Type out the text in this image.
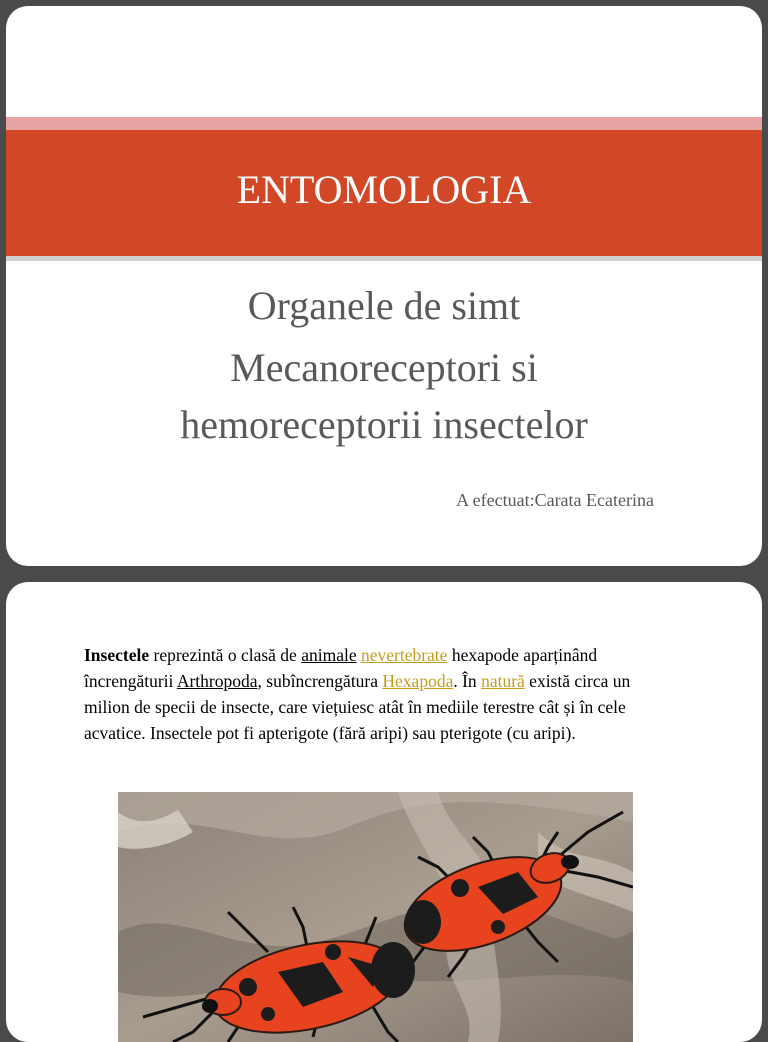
ENTOMOLOGIA
Organele de simt
Mecanoreceptori si
hemoreceptorii insectelor
A efectuat:Carata Ecaterina
Insectele reprezintă o clasă de animale nevertebrate hexapode aparținând încrengăturii Arthropoda, subîncrengătura Hexapoda. În natură există circa un milion de specii de insecte, care viețuiesc atât în mediile terestre cât și în cele acvatice. Insectele pot fi apterigote (fără aripi) sau pterigote (cu aripi).
